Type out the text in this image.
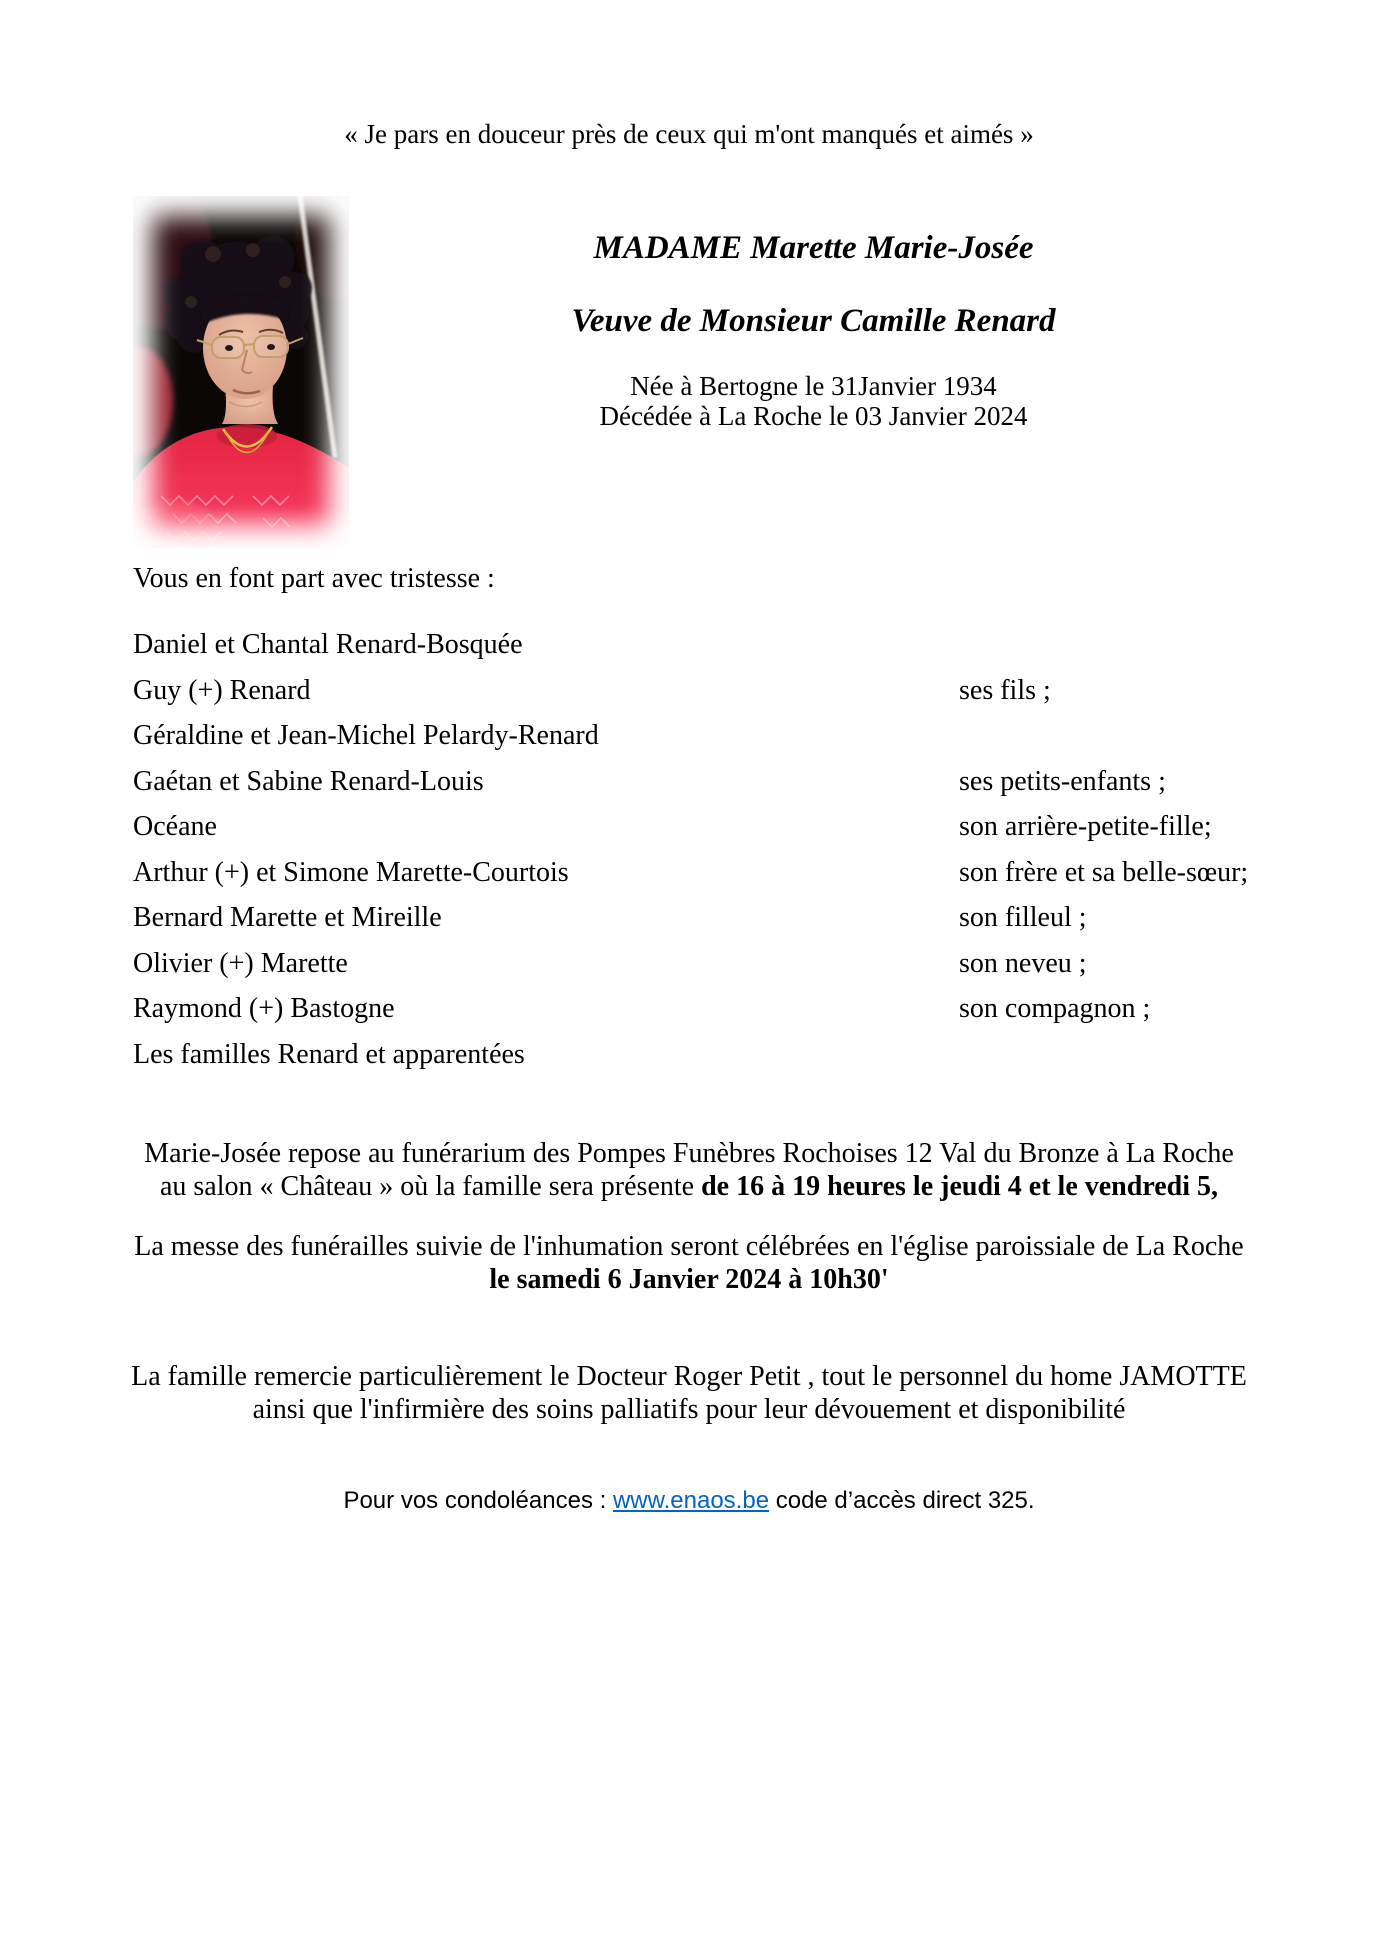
« Je pars en douceur près de ceux qui m'ont manqués et aimés »
MADAME Marette Marie-Josée
Veuve de Monsieur Camille Renard
Née à Bertogne le 31Janvier 1934
Décédée à La Roche le 03 Janvier 2024
Vous en font part avec tristesse :
Daniel et Chantal Renard-Bosquée
Guy (+) Renard	ses fils ;
Géraldine et Jean-Michel Pelardy-Renard
Gaétan et Sabine Renard-Louis	ses petits-enfants ;
Océane	son arrière-petite-fille;
Arthur (+) et Simone Marette-Courtois	son frère et sa belle-sœur;
Bernard Marette et Mireille	son filleul ;
Olivier (+) Marette	son neveu ;
Raymond (+) Bastogne	son compagnon ;
Les familles Renard et apparentées
Marie-Josée repose au funérarium des Pompes Funèbres Rochoises 12 Val du Bronze à La Roche
au salon « Château » où la famille sera présente de 16 à 19 heures le jeudi 4 et le vendredi 5,
La messe des funérailles suivie de l'inhumation seront célébrées en l'église paroissiale de La Roche
le samedi 6 Janvier 2024 à 10h30'
La famille remercie particulièrement le Docteur Roger Petit , tout le personnel du home JAMOTTE
ainsi que l'infirmière des soins palliatifs pour leur dévouement et disponibilité
Pour vos condoléances : www.enaos.be code d’accès direct 325.
